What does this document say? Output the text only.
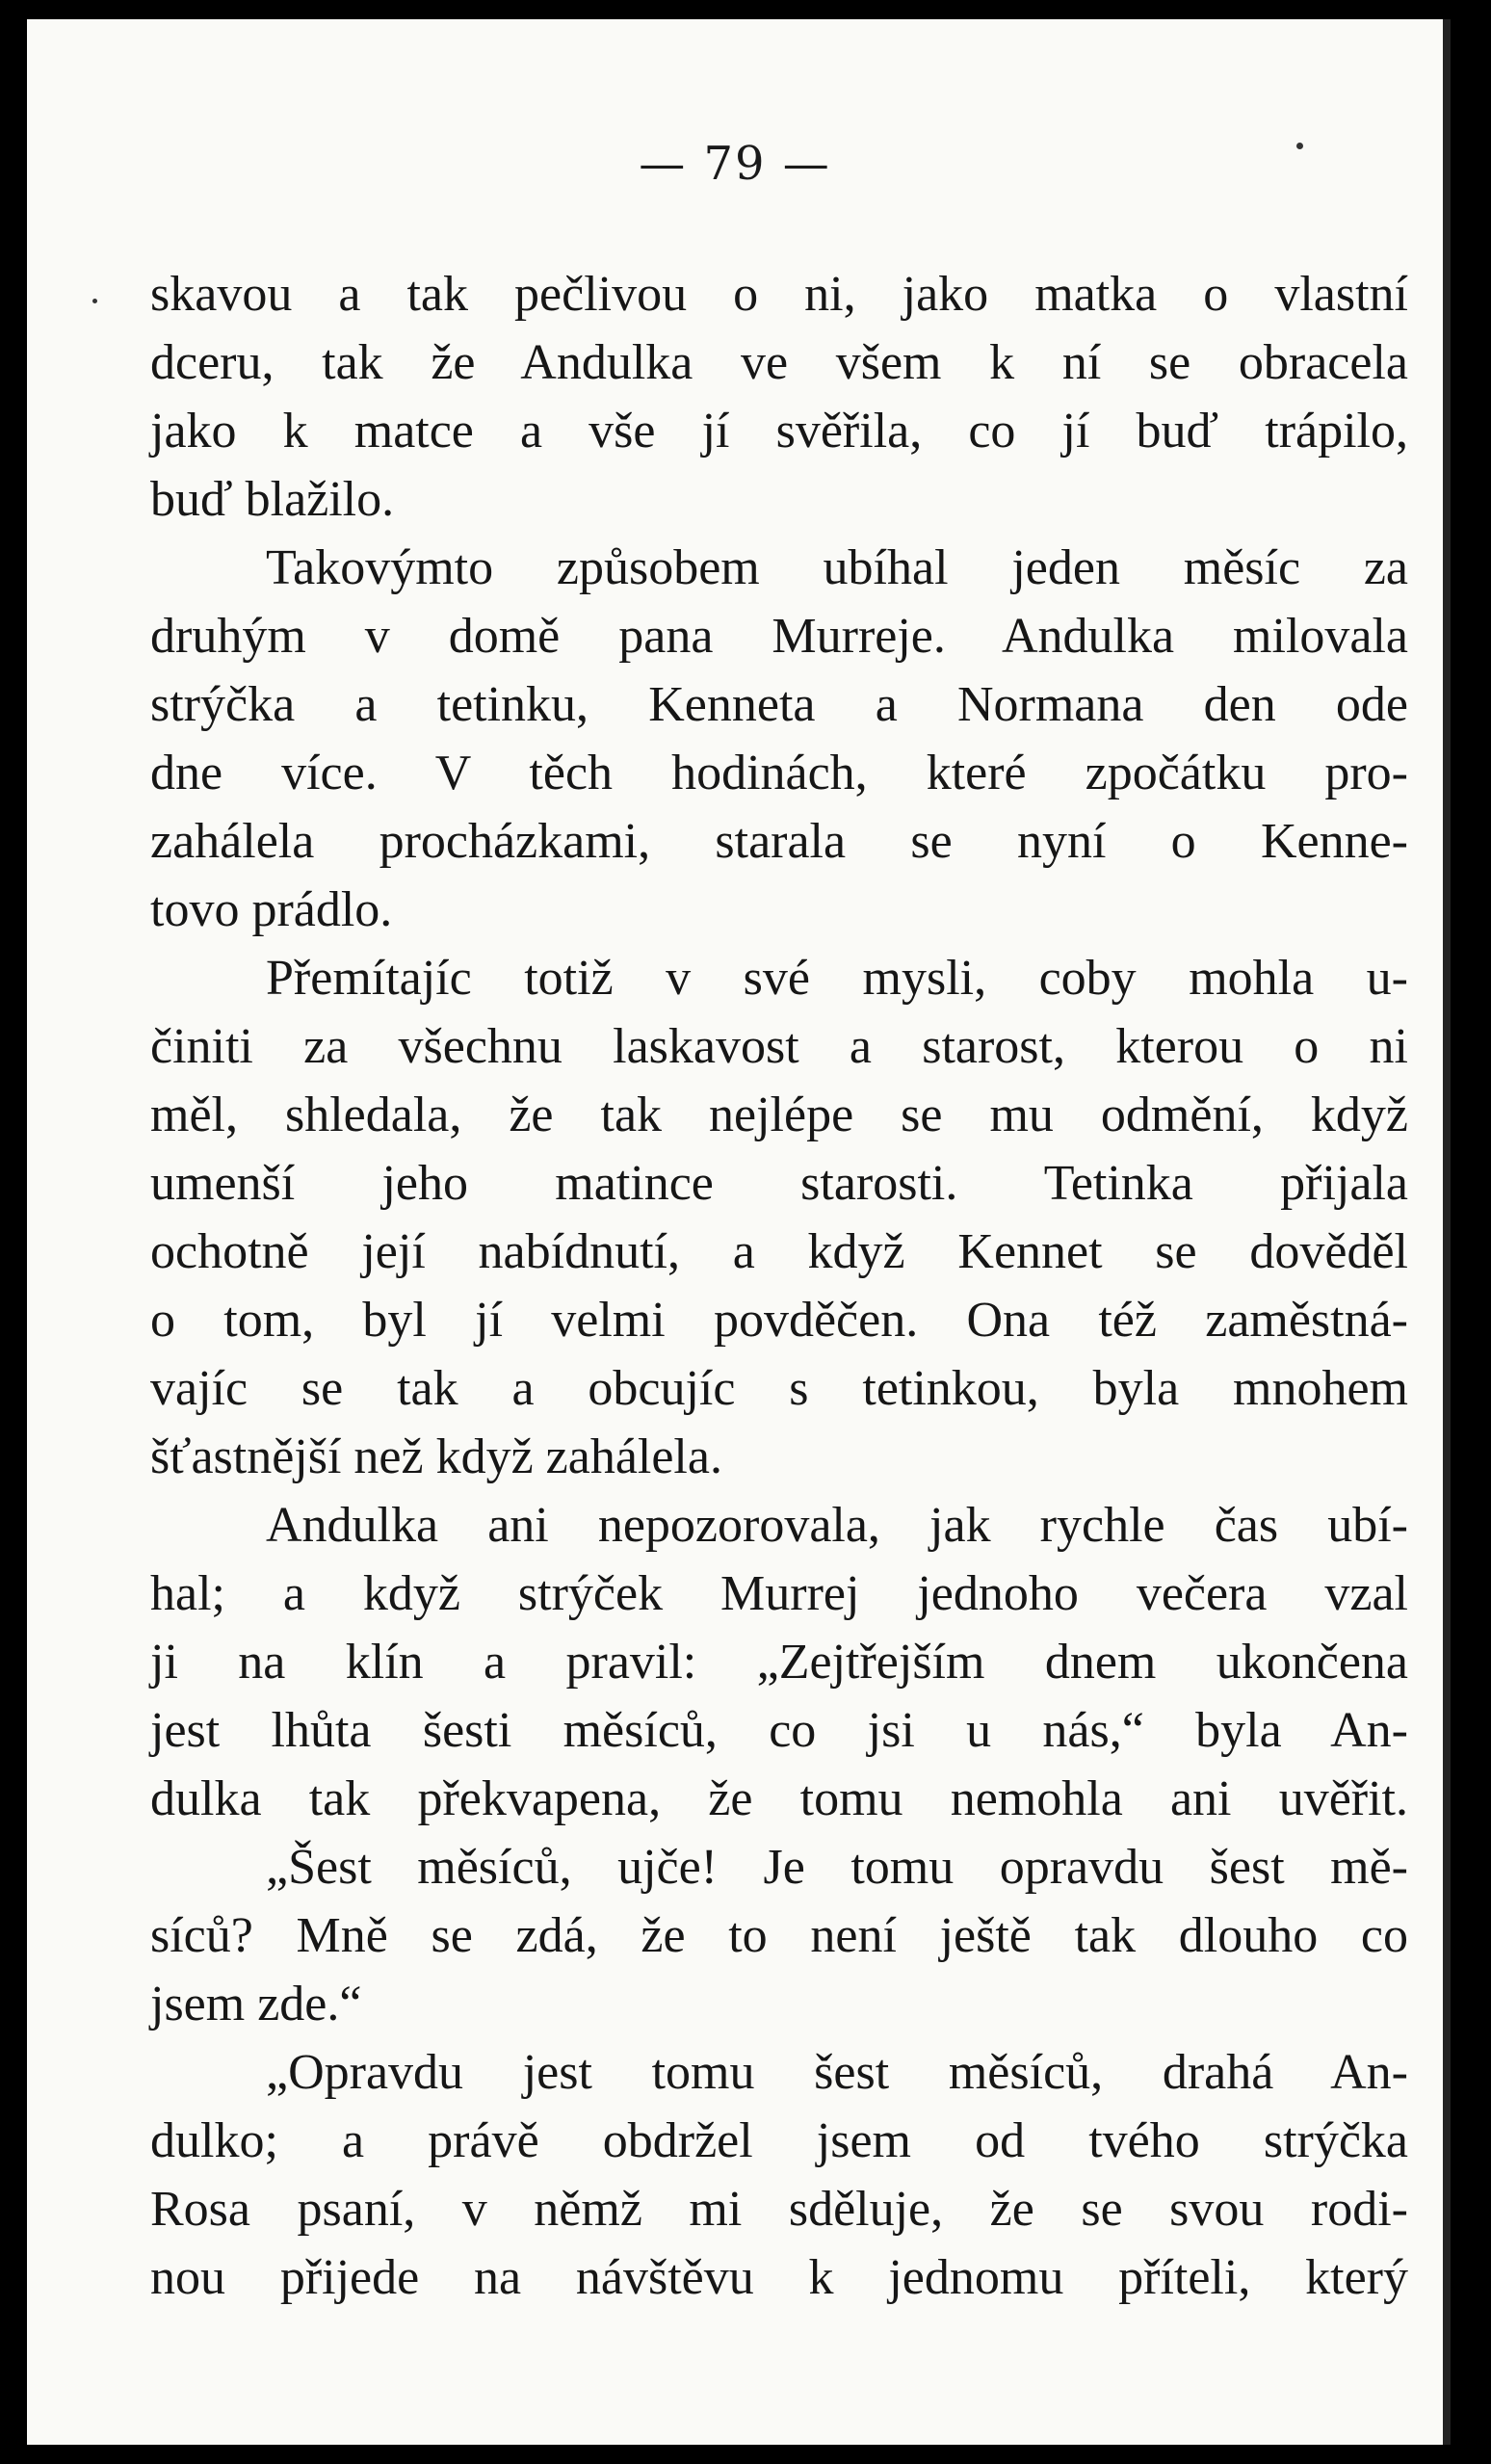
— 79 —
skavou a tak pečlivou o ni, jako matka o vlastní
dceru, tak že Andulka ve všem k ní se obracela
jako k matce a vše jí svěřila, co jí buď trápilo,
buď blažilo.
Takovýmto způsobem ubíhal jeden měsíc za
druhým v domě pana Murreje. Andulka milovala
strýčka a tetinku, Kenneta a Normana den ode
dne více. V těch hodinách, které zpočátku pro-
zahálela procházkami, starala se nyní o Kenne-
tovo prádlo.
Přemítajíc totiž v své mysli, coby mohla u-
činiti za všechnu laskavost a starost, kterou o ni
měl, shledala, že tak nejlépe se mu odmění, když
umenší jeho matince starosti. Tetinka přijala
ochotně její nabídnutí, a když Kennet se dověděl
o tom, byl jí velmi povděčen. Ona též zaměstná-
vajíc se tak a obcujíc s tetinkou, byla mnohem
šťastnější než když zahálela.
Andulka ani nepozorovala, jak rychle čas ubí-
hal; a když strýček Murrej jednoho večera vzal
ji na klín a pravil: „Zejtřejším dnem ukončena
jest lhůta šesti měsíců, co jsi u nás,“ byla An-
dulka tak překvapena, že tomu nemohla ani uvěřit.
„Šest měsíců, ujče! Je tomu opravdu šest mě-
síců? Mně se zdá, že to není ještě tak dlouho co
jsem zde.“
„Opravdu jest tomu šest měsíců, drahá An-
dulko; a právě obdržel jsem od tvého strýčka
Rosa psaní, v němž mi sděluje, že se svou rodi-
nou přijede na návštěvu k jednomu příteli, který
